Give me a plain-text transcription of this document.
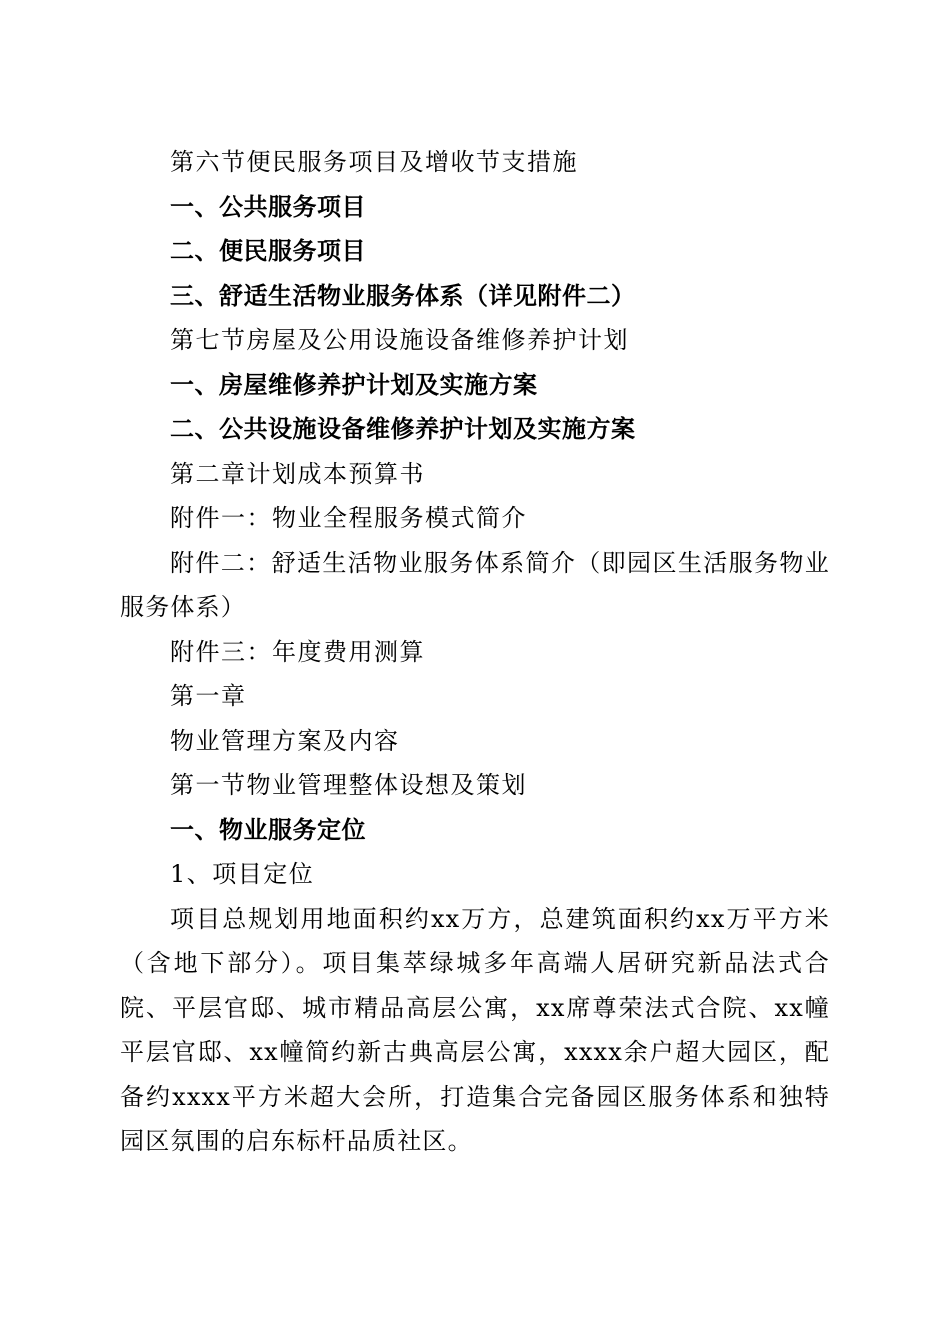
第六节便民服务项目及增收节支措施
一、公共服务项目
二、便民服务项目
三、舒适生活物业服务体系（详见附件二）
第七节房屋及公用设施设备维修养护计划
一、房屋维修养护计划及实施方案
二、公共设施设备维修养护计划及实施方案
第二章计划成本预算书
附件一：物业全程服务模式简介
附件二：舒适生活物业服务体系简介（即园区生活服务物业服务体系）
附件三：年度费用测算
第一章
物业管理方案及内容
第一节物业管理整体设想及策划
一、物业服务定位
1、项目定位
项目总规划用地面积约xx万方，总建筑面积约xx万平方米（含地下部分）。项目集萃绿城多年高端人居研究新品法式合院、平层官邸、城市精品高层公寓，xx席尊荣法式合院、xx幢平层官邸、xx幢简约新古典高层公寓，xxxx余户超大园区，配备约xxxx平方米超大会所，打造集合完备园区服务体系和独特园区氛围的启东标杆品质社区。
